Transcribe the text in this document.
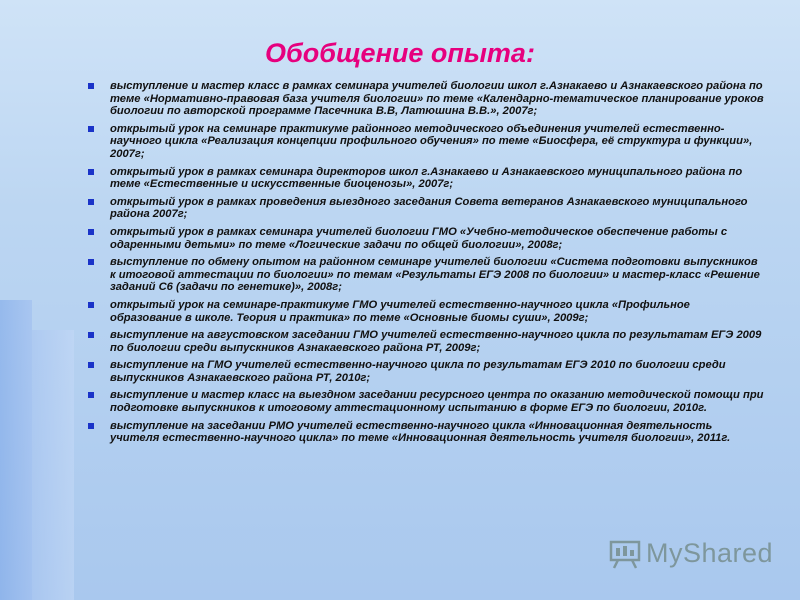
Обобщение опыта:
выступление и мастер класс в рамках семинара учителей биологии школ г.Азнакаево и Азнакаевского района по теме «Нормативно-правовая база учителя биологии» по теме «Календарно-тематическое планирование уроков биологии по авторской программе Пасечника В.В, Латюшина В.В.», 2007г;
открытый урок на семинаре практикуме районного методического объединения учителей естественно-научного цикла «Реализация концепции профильного обучения» по теме «Биосфера, её структура и функции», 2007г;
открытый урок в рамках семинара директоров школ г.Азнакаево и Азнакаевского муниципального района по теме «Естественные и искусственные биоценозы», 2007г;
открытый урок в рамках проведения выездного заседания Совета ветеранов Азнакаевского муниципального района 2007г;
открытый урок в рамках семинара учителей биологии ГМО «Учебно-методическое обеспечение работы с одаренными детьми» по теме «Логические задачи по общей биологии», 2008г;
выступление по обмену опытом на районном семинаре учителей биологии «Система подготовки выпускников к итоговой аттестации по биологии» по темам «Результаты ЕГЭ 2008 по биологии» и мастер-класс «Решение заданий С6 (задачи по генетике)», 2008г;
открытый урок на семинаре-практикуме ГМО учителей естественно-научного цикла «Профильное образование в школе. Теория и практика» по теме «Основные биомы суши», 2009г;
выступление на августовском заседании ГМО учителей естественно-научного цикла по результатам ЕГЭ 2009 по биологии среди выпускников Азнакаевского района РТ, 2009г;
выступление на ГМО учителей естественно-научного цикла по результатам ЕГЭ 2010 по биологии среди выпускников Азнакаевского района РТ, 2010г;
выступление и мастер класс на выездном заседании ресурсного центра по оказанию методической помощи при подготовке выпускников к итоговому аттестационному испытанию в форме ЕГЭ по биологии, 2010г.
выступление на заседании РМО учителей естественно-научного цикла «Инновационная деятельность учителя естественно-научного цикла» по теме «Инновационная деятельность учителя биологии», 2011г.
MyShared
